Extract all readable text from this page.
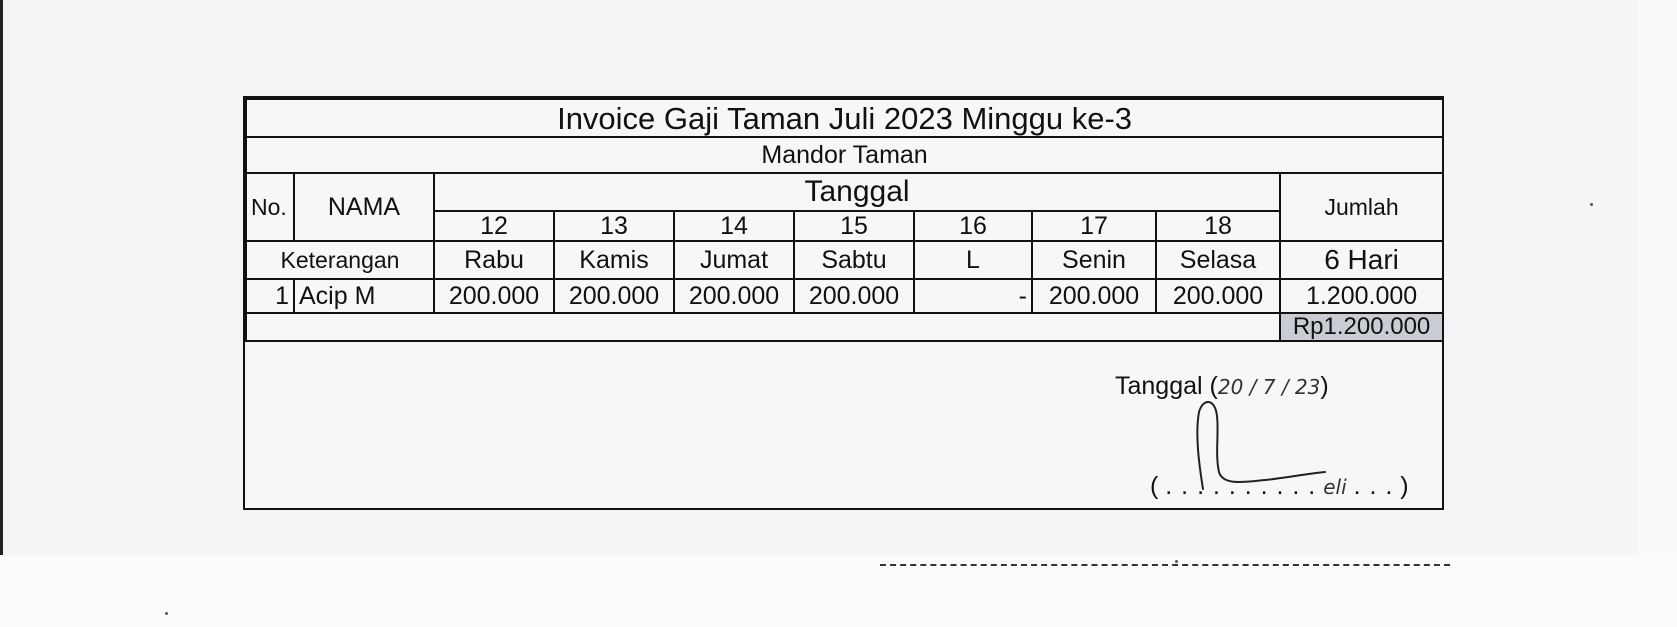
Invoice Gaji Taman Juli 2023 Minggu ke-3									
Mandor Taman									
No.	NAMA	Tanggal							Jumlah
		12	13	14	15	16	17	18	
Keterangan		Rabu	Kamis	Jumat	Sabtu	L	Senin	Selasa	6 Hari
1	Acip M	200.000	200.000	200.000	200.000	-	200.000	200.000	1.200.000
									Rp1.200.000
Tanggal (20 / 7 / 23)
( . . . . . . . . . . eli . . . )
